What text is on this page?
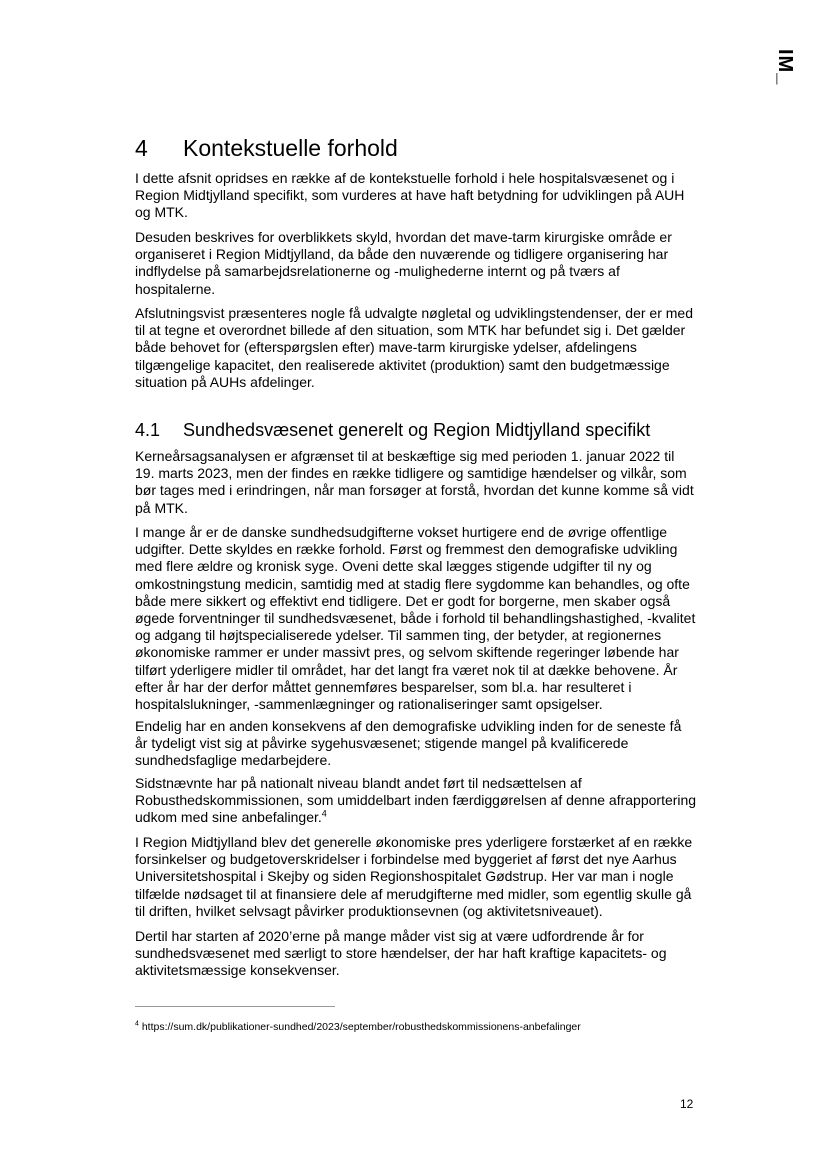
IM_
4 Kontekstuelle forhold

I dette afsnit opridses en række af de kontekstuelle forhold i hele hospitalsvæsenet og i Region Midtjylland specifikt, som vurderes at have haft betydning for udviklingen på AUH og MTK.

Desuden beskrives for overblikkets skyld, hvordan det mave-tarm kirurgiske område er organiseret i Region Midtjylland, da både den nuværende og tidligere organisering har indflydelse på samarbejdsrelationerne og -mulighederne internt og på tværs af hospitalerne.

Afslutningsvist præsenteres nogle få udvalgte nøgletal og udviklingstendenser, der er med til at tegne et overordnet billede af den situation, som MTK har befundet sig i. Det gælder både behovet for (efterspørgslen efter) mave-tarm kirurgiske ydelser, afdelingens tilgængelige kapacitet, den realiserede aktivitet (produktion) samt den budgetmæssige situation på AUHs afdelinger.

4.1 Sundhedsvæsenet generelt og Region Midtjylland specifikt

Kerneårsagsanalysen er afgrænset til at beskæftige sig med perioden 1. januar 2022 til 19. marts 2023, men der findes en række tidligere og samtidige hændelser og vilkår, som bør tages med i erindringen, når man forsøger at forstå, hvordan det kunne komme så vidt på MTK.

I mange år er de danske sundhedsudgifterne vokset hurtigere end de øvrige offentlige udgifter. Dette skyldes en række forhold. Først og fremmest den demografiske udvikling med flere ældre og kronisk syge. Oveni dette skal lægges stigende udgifter til ny og omkostningstung medicin, samtidig med at stadig flere sygdomme kan behandles, og ofte både mere sikkert og effektivt end tidligere. Det er godt for borgerne, men skaber også øgede forventninger til sundhedsvæsenet, både i forhold til behandlingshastighed, -kvalitet og adgang til højtspecialiserede ydelser. Til sammen ting, der betyder, at regionernes økonomiske rammer er under massivt pres, og selvom skiftende regeringer løbende har tilført yderligere midler til området, har det langt fra været nok til at dække behovene. År efter år har der derfor måttet gennemføres besparelser, som bl.a. har resulteret i hospitalslukninger, -sammenlægninger og rationaliseringer samt opsigelser.

Endelig har en anden konsekvens af den demografiske udvikling inden for de seneste få år tydeligt vist sig at påvirke sygehusvæsenet; stigende mangel på kvalificerede sundhedsfaglige medarbejdere.

Sidstnævnte har på nationalt niveau blandt andet ført til nedsættelsen af Robusthedskommissionen, som umiddelbart inden færdiggørelsen af denne afrapportering udkom med sine anbefalinger.$^4$

I Region Midtjylland blev det generelle økonomiske pres yderligere forstærket af en række forsinkelser og budgetoverskridelser i forbindelse med byggeriet af først det nye Aarhus Universitetshospital i Skejby og siden Regionshospitalet Gødstrup. Her var man i nogle tilfælde nødsaget til at finansiere dele af merudgifterne med midler, som egentlig skulle gå til driften, hvilket selvsagt påvirker produktionsevnen (og aktivitetsniveauet).

Dertil har starten af 2020’erne på mange måder vist sig at være udfordrende år for sundhedsvæsenet med særligt to store hændelser, der har haft kraftige kapacitets- og aktivitetsmæssige konsekvenser.

$^4$ https://sum.dk/publikationer-sundhed/2023/september/robusthedskommissionens-anbefalinger
12
